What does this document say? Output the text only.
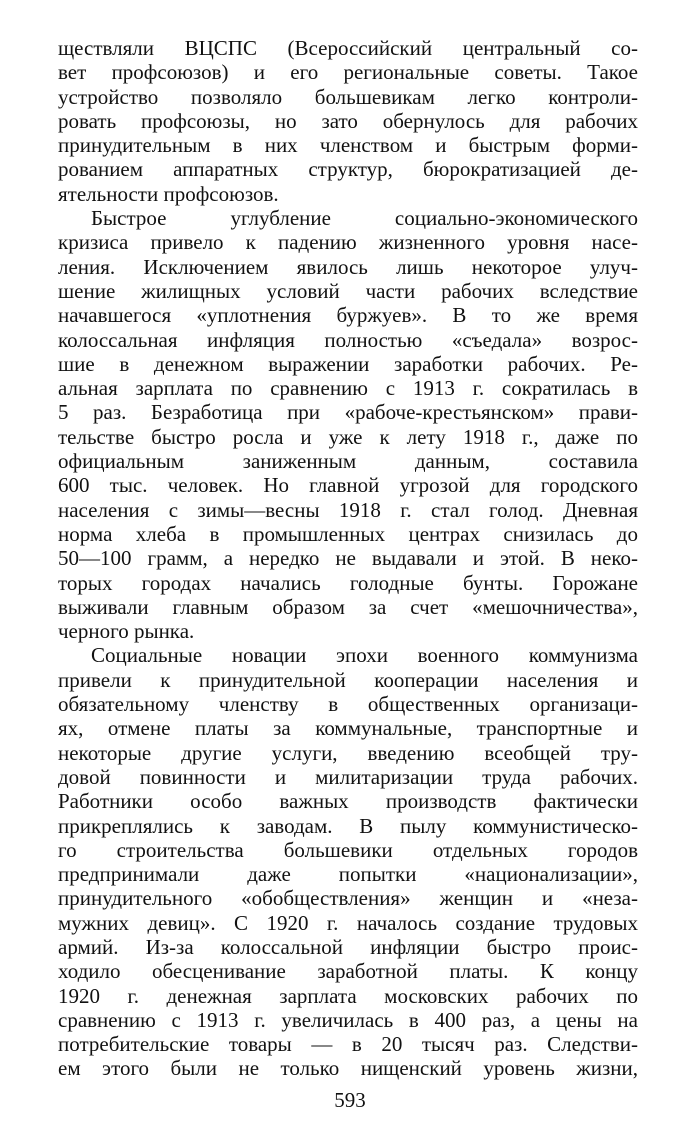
ществляли ВЦСПС (Всероссийский центральный со-
вет профсоюзов) и его региональные советы. Такое
устройство позволяло большевикам легко контроли-
ровать профсоюзы, но зато обернулось для рабочих
принудительным в них членством и быстрым форми-
рованием аппаратных структур, бюрократизацией де-
ятельности профсоюзов.

Быстрое углубление социально-экономического
кризиса привело к падению жизненного уровня насе-
ления. Исключением явилось лишь некоторое улуч-
шение жилищных условий части рабочих вследствие
начавшегося «уплотнения буржуев». В то же время
колоссальная инфляция полностью «съедала» возрос-
шие в денежном выражении заработки рабочих. Ре-
альная зарплата по сравнению с 1913 г. сократилась в
5 раз. Безработица при «рабоче-крестьянском» прави-
тельстве быстро росла и уже к лету 1918 г., даже по
официальным заниженным данным, составила
600 тыс. человек. Но главной угрозой для городского
населения с зимы—весны 1918 г. стал голод. Дневная
норма хлеба в промышленных центрах снизилась до
50—100 грамм, а нередко не выдавали и этой. В неко-
торых городах начались голодные бунты. Горожане
выживали главным образом за счет «мешочничества»,
черного рынка.

Социальные новации эпохи военного коммунизма
привели к принудительной кооперации населения и
обязательному членству в общественных организаци-
ях, отмене платы за коммунальные, транспортные и
некоторые другие услуги, введению всеобщей тру-
довой повинности и милитаризации труда рабочих.
Работники особо важных производств фактически
прикреплялись к заводам. В пылу коммунистическо-
го строительства большевики отдельных городов
предпринимали даже попытки «национализации»,
принудительного «обобществления» женщин и «неза-
мужних девиц». С 1920 г. началось создание трудовых
армий. Из-за колоссальной инфляции быстро проис-
ходило обесценивание заработной платы. К концу
1920 г. денежная зарплата московских рабочих по
сравнению с 1913 г. увеличилась в 400 раз, а цены на
потребительские товары — в 20 тысяч раз. Следстви-
ем этого были не только нищенский уровень жизни,

593
